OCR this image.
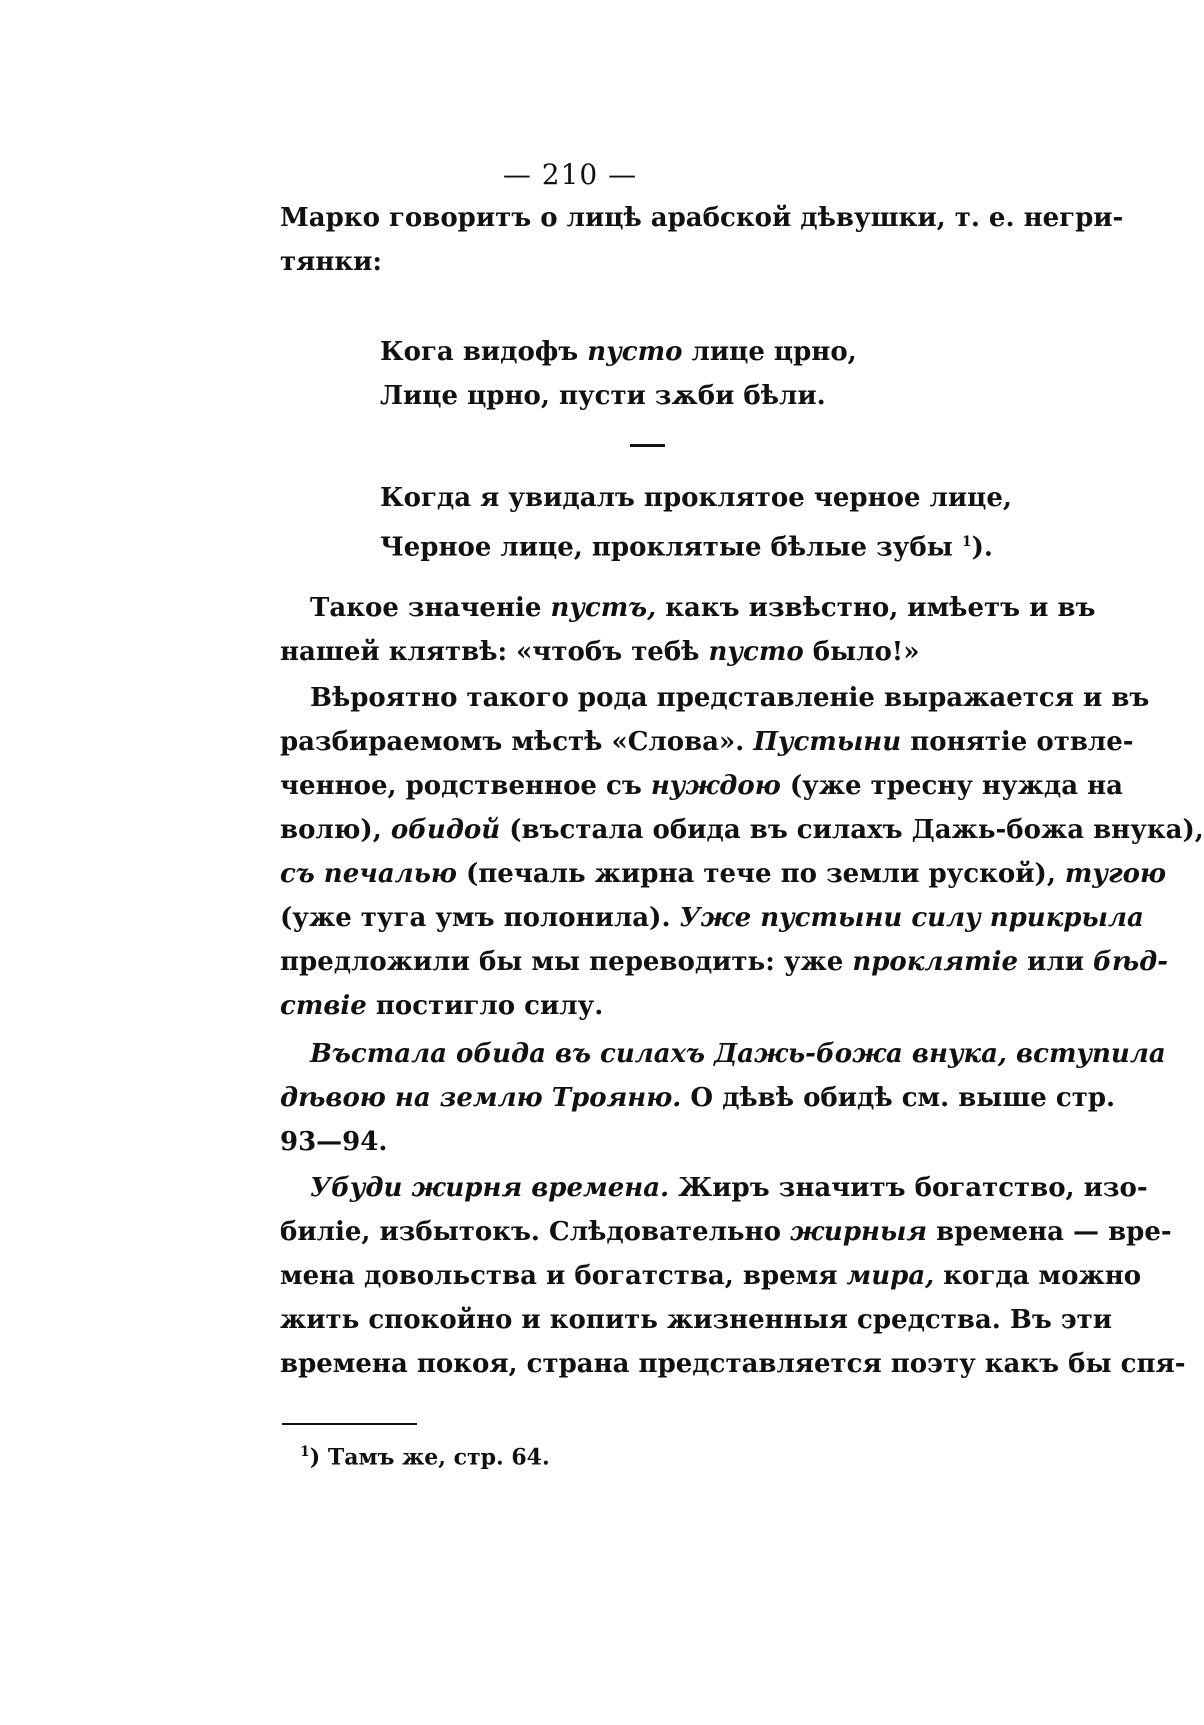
— 210 —
Марко говоритъ о лицѣ арабской дѣвушки, т. е. негри-
тянки:
Кога видофъ пусто лице црно,
Лице црно, пусти зѫби бѣли.
Когда я увидалъ проклятое черное лице,
Черное лице, проклятые бѣлые зубы $^1$).
Такое значеніе пустъ, какъ извѣстно, имѣетъ и въ
нашей клятвѣ: «чтобъ тебѣ пусто было!»
Вѣроятно такого рода представленіе выражается и въ
разбираемомъ мѣстѣ «Слова». Пустыни понятіе отвле-
ченное, родственное съ нуждою (уже тресну нужда на
волю), обидой (въстала обида въ силахъ Дажь-божа внука),
съ печалью (печаль жирна тече по земли руской), тугою
(уже туга умъ полонила). Уже пустыни силу прикрыла
предложили бы мы переводить: уже проклятіе или бѣд-
ствіе постигло силу.
Въстала обида въ силахъ Дажь-божа внука, вступила
дѣвою на землю Трояню. О дѣвѣ обидѣ см. выше стр.
93—94.
Убуди жирня времена. Жиръ значитъ богатство, изо-
биліе, избытокъ. Слѣдовательно жирныя времена — вре-
мена довольства и богатства, время мира, когда можно
жить спокойно и копить жизненныя средства. Въ эти
времена покоя, страна представляется поэту какъ бы спя-
$^1$) Тамъ же, стр. 64.
